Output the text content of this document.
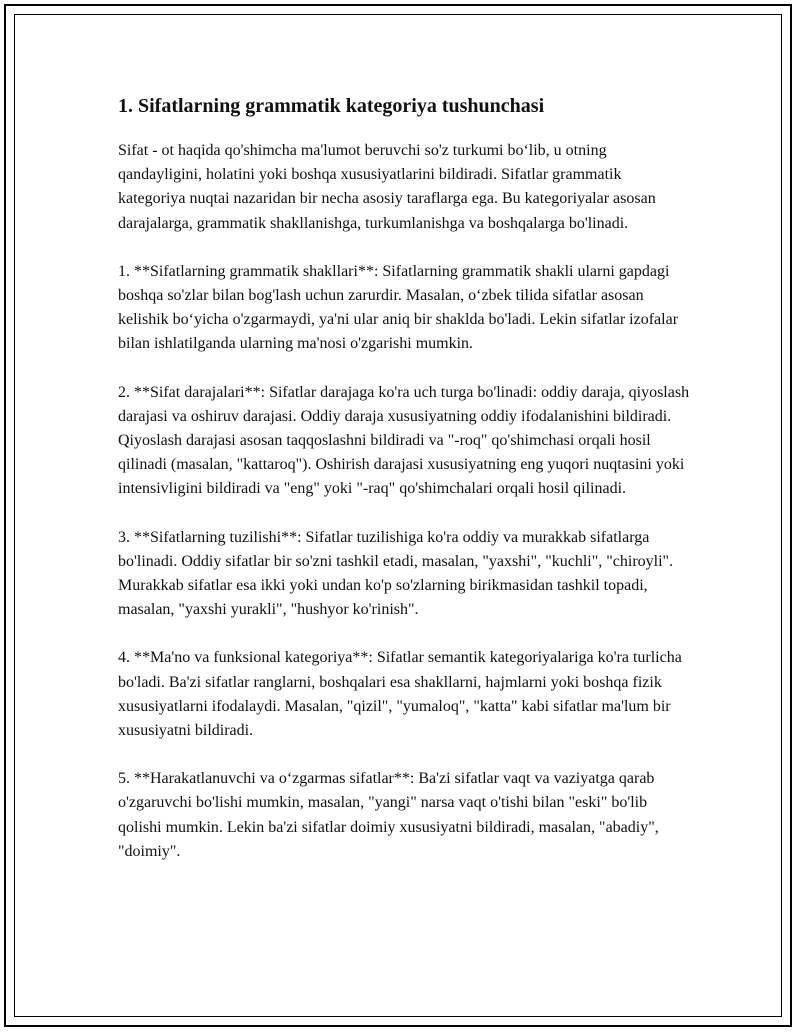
1. Sifatlarning grammatik kategoriya tushunchasi

Sifat - ot haqida qo'shimcha ma'lumot beruvchi so'z turkumi bo‘lib, u otning qandayligini, holatini yoki boshqa xususiyatlarini bildiradi. Sifatlar grammatik kategoriya nuqtai nazaridan bir necha asosiy taraflarga ega. Bu kategoriyalar asosan darajalarga, grammatik shakllanishga, turkumlanishga va boshqalarga bo'linadi.

1. **Sifatlarning grammatik shakllari**: Sifatlarning grammatik shakli ularni gapdagi boshqa so'zlar bilan bog'lash uchun zarurdir. Masalan, o‘zbek tilida sifatlar asosan kelishik bo‘yicha o'zgarmaydi, ya'ni ular aniq bir shaklda bo'ladi. Lekin sifatlar izofalar bilan ishlatilganda ularning ma'nosi o'zgarishi mumkin.

2. **Sifat darajalari**: Sifatlar darajaga ko'ra uch turga bo'linadi: oddiy daraja, qiyoslash darajasi va oshiruv darajasi. Oddiy daraja xususiyatning oddiy ifodalanishini bildiradi. Qiyoslash darajasi asosan taqqoslashni bildiradi va "-roq" qo'shimchasi orqali hosil qilinadi (masalan, "kattaroq"). Oshirish darajasi xususiyatning eng yuqori nuqtasini yoki intensivligini bildiradi va "eng" yoki "-raq" qo'shimchalari orqali hosil qilinadi.

3. **Sifatlarning tuzilishi**: Sifatlar tuzilishiga ko'ra oddiy va murakkab sifatlarga bo'linadi. Oddiy sifatlar bir so'zni tashkil etadi, masalan, "yaxshi", "kuchli", "chiroyli". Murakkab sifatlar esa ikki yoki undan ko'p so'zlarning birikmasidan tashkil topadi, masalan, "yaxshi yurakli", "hushyor ko'rinish".

4. **Ma'no va funksional kategoriya**: Sifatlar semantik kategoriyalariga ko'ra turlicha bo'ladi. Ba'zi sifatlar ranglarni, boshqalari esa shakllarni, hajmlarni yoki boshqa fizik xususiyatlarni ifodalaydi. Masalan, "qizil", "yumaloq", "katta" kabi sifatlar ma'lum bir xususiyatni bildiradi.

5. **Harakatlanuvchi va o‘zgarmas sifatlar**: Ba'zi sifatlar vaqt va vaziyatga qarab o'zgaruvchi bo'lishi mumkin, masalan, "yangi" narsa vaqt o'tishi bilan "eski" bo'lib qolishi mumkin. Lekin ba'zi sifatlar doimiy xususiyatni bildiradi, masalan, "abadiy", "doimiy".
